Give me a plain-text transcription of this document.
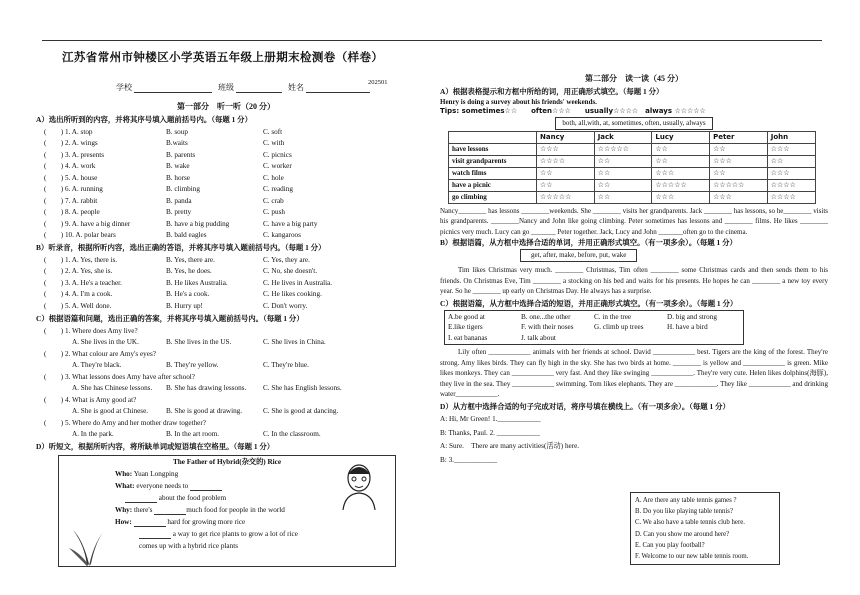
江苏省常州市钟楼区小学英语五年级上册期末检测卷（样卷）
202501
学校	班级	姓名
第一部分　听一听（20 分）
A）选出所听到的内容，并将其序号填入题前括号内。（每题 1 分）
(　　) 1. A. stop	B. soup	C. soft
(　　) 2. A. wings	B.waits	C. with
(　　) 3. A. presents	B. parents	C. picnics
(　　) 4. A. work	B. wake	C. worker
(　　) 5. A. house	B. horse	C. hole
(　　) 6. A. running	B. climbing	C. reading
(　　) 7. A. rabbit	B. panda	C. crab
(　　) 8. A. people	B. pretty	C. push
(　　) 9. A. have a big dinner	B. have a big pudding	C. have a big party
(　　) 10. A. polar bears	B. bald eagles	C. kangaroos
B）听录音，根据所听内容，选出正确的答语，并将其序号填入题前括号内。（每题 1 分）
(　　) 1. A. Yes, there is.	B. Yes, there are.	C. Yes, they are.
(　　) 2. A. Yes, she is.	B. Yes, he does.	C. No, she doesn't.
(　　) 3. A. He's a teacher.	B. He likes Australia.	C. He lives in Australia.
(　　) 4. A. I'm a cook.	B. He's a cook.	C. He likes cooking.
(　　) 5. A. Well done.	B. Hurry up!	C. Don't worry.
C）根据语篇和问题，选出正确的答案，并将其序号填入题前括号内。（每题 1 分）
(　　) 1. Where does Amy live?
A. She lives in the UK.	B. She lives in the US.	C. She lives in China.
(　　) 2. What colour are Amy's eyes?
A. They're black.	B. They're yellow.	C. They're blue.
(　　) 3. What lessons does Amy have after school?
A. She has Chinese lessons.	B. She has drawing lessons.	C. She has English lessons.
(　　) 4. What is Amy good at?
A. She is good at Chinese.	B. She is good at drawing.	C. She is good at dancing.
(　　) 5. Where do Amy and her mother draw together?
A. In the park.	B. In the art room.	C. In the classroom.
D）听短文，根据所听内容，将所缺单词或短语填在空格里。（每题 1 分）
The Father of Hybrid(杂交的) Rice
Who: Yuan Longping
What: everyone needs to
about the food problem
Why: there's	much food for people in the world
How:	hard for growing more rice
a way to get rice plants to grow a lot of rice
comes up with a hybrid rice plants
第二部分　读一读（45 分）
A）根据表格提示和方框中所给的词，用正确形式填空。（每题 1 分）
Henry is doing a survey about his friends' weekends.
Tips: sometimes☆☆　　often☆☆☆　　usually☆☆☆☆　always ☆☆☆☆☆
both, all,with, at, sometimes, often, usually, always
	Nancy	Jack	Lucy	Peter	John
have lessons	☆☆☆	☆☆☆☆☆	☆☆	☆☆	☆☆☆
visit grandparents	☆☆☆☆	☆☆	☆☆	☆☆☆	☆☆
watch films	☆☆	☆☆	☆☆☆	☆☆	☆☆☆
have a picnic	☆☆	☆☆	☆☆☆☆☆	☆☆☆☆☆	☆☆☆☆
go climbing	☆☆☆☆☆	☆☆	☆☆☆	☆☆☆	☆☆☆☆
Nancy________ has lessons ________weekends. She ________ visits her grandparents. Jack ________ has lessons, so he________ visits his grandparents. ________Nancy and John like going climbing. Peter sometimes has lessons and ________ films. He likes ________ picnics very much. Lucy can go _______ Peter together. Jack, Lucy and John _______often go to the cinema.
B）根据语篇，从方框中选择合适的单词，并用正确形式填空。（有一项多余）。（每题 1 分）
get, after, make, before, put, wake
Tim likes Christmas very much. ________ Christmas, Tim often ________ some Christmas cards and then sends them to his friends. On Christmas Eve, Tim ________ a stocking on his bed and waits for his presents. He hopes he can ________ a new toy every year. So he ________ up early on Christmas Day. He always has a surprise.
C）根据语篇，从方框中选择合适的短语，并用正确形式填空。（有一项多余）。（每题 1 分）
A.be good at	B. one...the other	C. in the tree	D. big and strong
E.like tigers	F. with their noses	G. climb up trees	H. have a bird
I. eat bananas	J. talk about
Lily often ____________ animals with her friends at school. David ____________ best. Tigers are the king of the forest. They're strong. Amy likes birds. They can fly high in the sky. She has two birds at home. ________ is yellow and ____________ is green. Mike likes monkeys. They can ____________ very fast. And they like swinging ____________. They're very cute. Helen likes dolphins(海豚), they live in the sea. They ____________ swimming. Tom likes elephants. They are ____________. They like ____________ and drinking water____________.
D）从方框中选择合适的句子完成对话，将序号填在横线上。（有一项多余）。（每题 1 分）
A: Hi, Mr Green! 1.____________
B: Thanks, Paul. 2. ____________
A: Sure.　There are many activities(活动) here.
B: 3.____________
A. Are there any table tennis games ?
B. Do you like playing table tennis?
C. We also have a table tennis club here.
D. Can you show me around here?
E. Can you play football?
F. Welcome to our new table tennis room.
